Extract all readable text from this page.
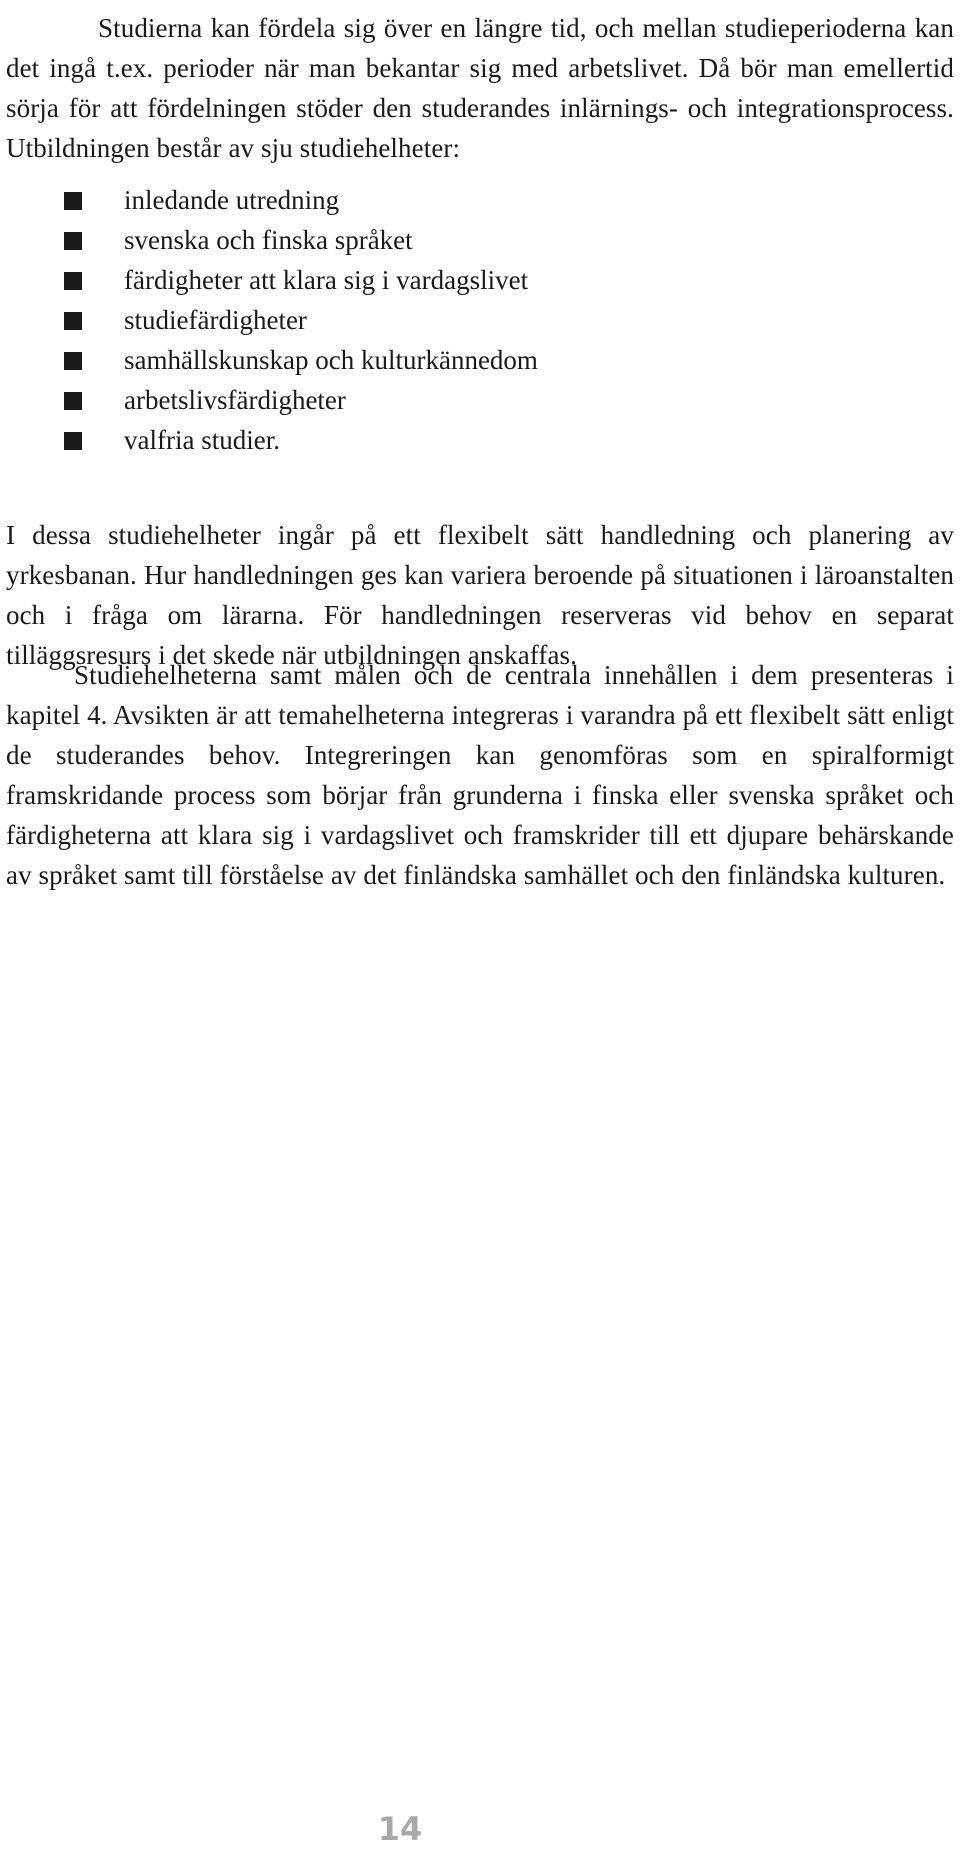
Studierna kan fördela sig över en längre tid, och mellan studieperioderna kan det ingå t.ex. perioder när man bekantar sig med arbetslivet. Då bör man emellertid sörja för att fördelningen stöder den studerandes inlärnings- och integrationsprocess. Utbildningen består av sju studiehelheter:

inledande utredning
svenska och finska språket
färdigheter att klara sig i vardagslivet
studiefärdigheter
samhällskunskap och kulturkännedom
arbetslivsfärdigheter
valfria studier.

I dessa studiehelheter ingår på ett flexibelt sätt handledning och planering av yrkesbanan. Hur handledningen ges kan variera beroende på situationen i läroanstalten och i fråga om lärarna. För handledningen reserveras vid behov en separat tilläggsresurs i det skede när utbildningen anskaffas.

Studiehelheterna samt målen och de centrala innehållen i dem presenteras i kapitel 4. Avsikten är att temahelheterna integreras i varandra på ett flexibelt sätt enligt de studerandes behov. Integreringen kan genomföras som en spiralformigt framskridande process som börjar från grunderna i finska eller svenska språket och färdigheterna att klara sig i vardagslivet och framskrider till ett djupare behärskande av språket samt till förståelse av det finländska samhället och den finländska kulturen.

14
